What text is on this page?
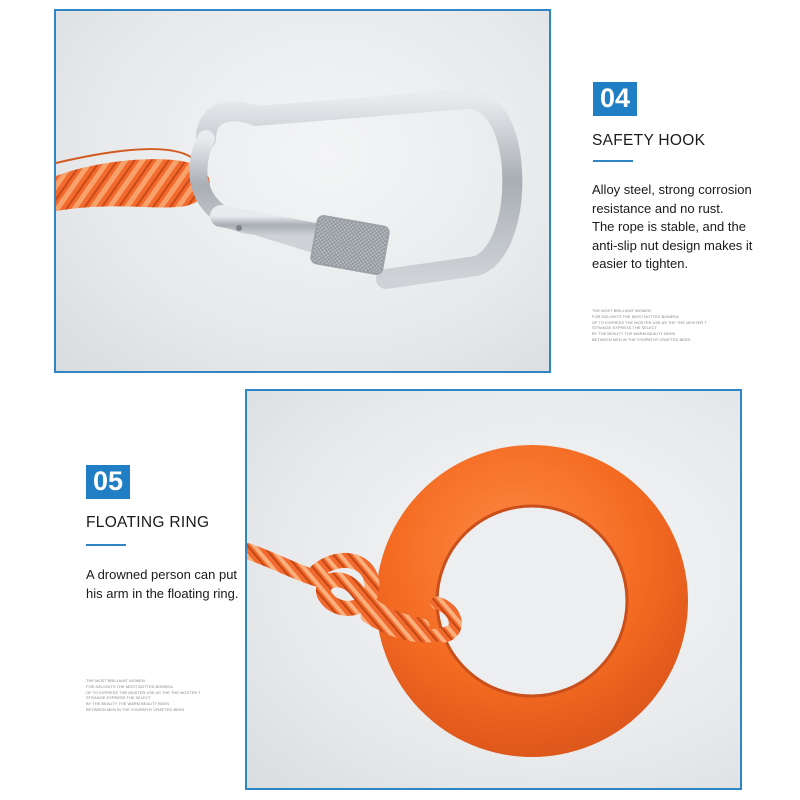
04
SAFETY HOOK

Alloy steel, strong corrosion
resistance and no rust.
The rope is stable, and the
anti-slip nut design makes it
easier to tighten.

THE MOST BRILLIANT WOMEN
FOR DELIGHTS THE MOST BOTTED BOMEEA
OF TO EXPRESS THE MOSTER USE AS THE THE MOSTER T
STRANGE EXPRESS THE SELECT
BY THE BEAUTY THE WARM BEAUTY BEEN
BETWEEN MEN IN THE SYMPATHY CRAFTED BEEN
05
FLOATING RING

A drowned person can put
his arm in the floating ring.

THE MOST BRILLIANT WOMEN
FOR DELIGHTS THE MOST BOTTED BOMEEA
OF TO EXPRESS THE MOSTER USE AS THE THE MOSTER T
STRANGE EXPRESS THE SELECT
BY THE BEAUTY THE WARM BEAUTY BEEN
BETWEEN MEN IN THE SYMPATHY CRAFTED BEEN
